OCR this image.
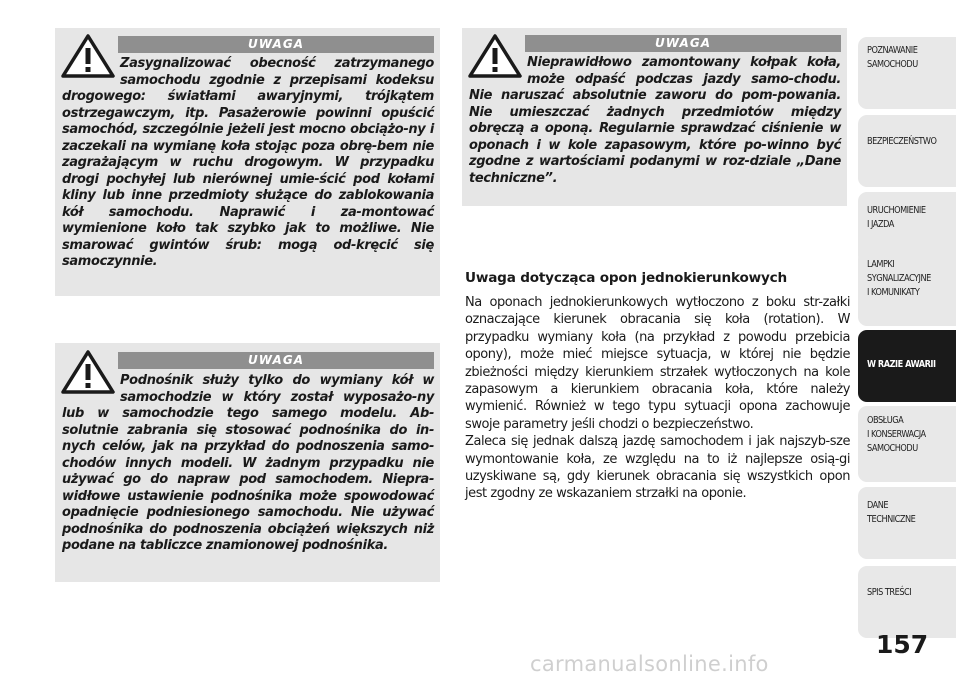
UWAGA

Zasygnalizować obecność zatrzymanego samochodu zgodnie z przepisami kodeksu drogowego: światłami awaryjnymi, trójkątem ostrzegawczym, itp. Pasażerowie powinni opuścić samochód, szczególnie jeżeli jest mocno obciążo-ny i zaczekali na wymianę koła stojąc poza obrę-bem nie zagrażającym w ruchu drogowym. W przypadku drogi pochyłej lub nierównej umie-ścić pod kołami kliny lub inne przedmioty służące do zablokowania kół samochodu. Naprawić i za-montować wymienione koło tak szybko jak to możliwe. Nie smarować gwintów śrub: mogą od-kręcić się samoczynnie.

UWAGA

Podnośnik służy tylko do wymiany kół w samochodzie w który został wyposażo-ny lub w samochodzie tego samego modelu. Ab-solutnie zabrania się stosować podnośnika do in-nych celów, jak na przykład do podnoszenia samo-chodów innych modeli. W żadnym przypadku nie używać go do napraw pod samochodem. Niepra-widłowe ustawienie podnośnika może spowodować opadnięcie podniesionego samochodu. Nie używać podnośnika do podnoszenia obciążeń większych niż podane na tabliczce znamionowej podnośnika.

UWAGA

Nieprawidłowo zamontowany kołpak koła, może odpaść podczas jazdy samo-chodu. Nie naruszać absolutnie zaworu do pom-powania. Nie umieszczać żadnych przedmiotów między obręczą a oponą. Regularnie sprawdzać ciśnienie w oponach i w kole zapasowym, które po-winno być zgodne z wartościami podanymi w roz-dziale „Dane techniczne”.

Uwaga dotycząca opon jednokierunkowych

Na oponach jednokierunkowych wytłoczono z boku str-załki oznaczające kierunek obracania się koła (rotation). W przypadku wymiany koła (na przykład z powodu przebicia opony), może mieć miejsce sytuacja, w której nie będzie zbieżności między kierunkiem strzałek wytłoczonych na kole zapasowym a kierunkiem obracania koła, które należy wymienić. Również w tego typu sytuacji opona zachowuje swoje parametry jeśli chodzi o bezpieczeństwo.
Zaleca się jednak dalszą jazdę samochodem i jak najszyb-sze wymontowanie koła, ze względu na to iż najlepsze osią-gi uzyskiwane są, gdy kierunek obracania się wszystkich opon jest zgodny ze wskazaniem strzałki na oponie.

POZNAWANIE
SAMOCHODU
BEZPIECZEŃSTWO
URUCHOMIENIE
I JAZDA
LAMPKI
SYGNALIZACYJNE
I KOMUNIKATY
W RAZIE AWARII
OBSŁUGA
I KONSERWACJA
SAMOCHODU
DANE
TECHNICZNE
SPIS TREŚCI
157
carmanualsonline.info
